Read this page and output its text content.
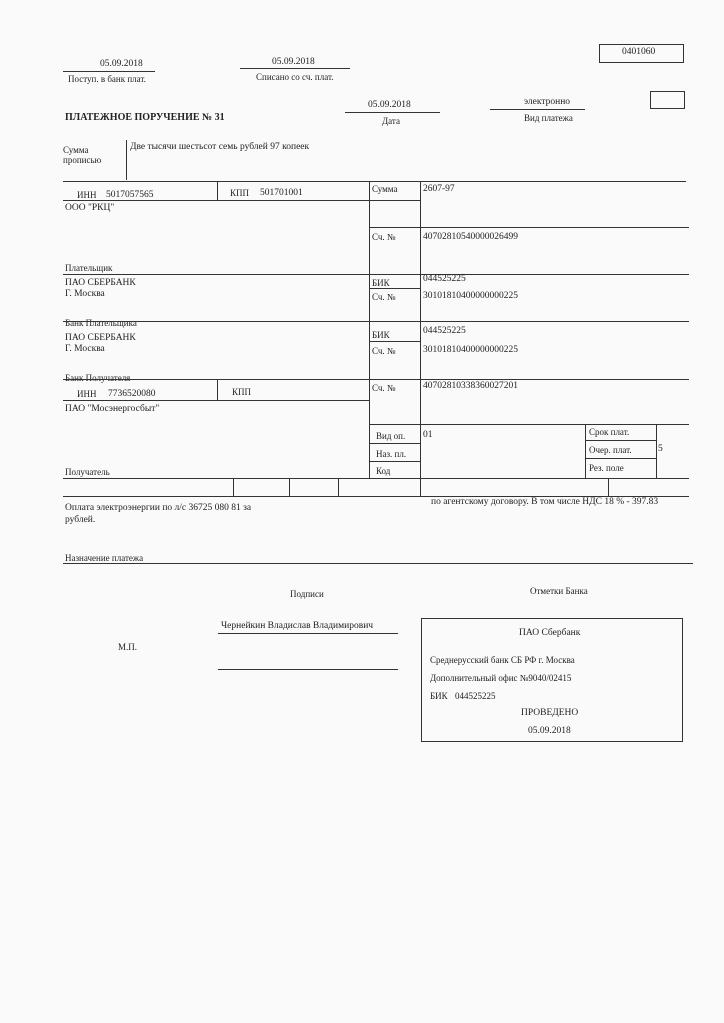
0401060
05.09.2018
Поступ. в банк плат.
05.09.2018
Списано со сч. плат.
ПЛАТЕЖНОЕ ПОРУЧЕНИЕ № 31
05.09.2018
Дата
электронно
Вид платежа
Сумма
прописью
Две тысячи шестьсот семь рублей 97 копеек
ИНН 5017057565	КПП 501701001
ООО "РКЦ"
Сумма	2607-97
Сч. №	40702810540000026499
Плательщик
ПАО СБЕРБАНК
Г. Москва
БИК	044525225
Сч. №	30101810400000000225
Банк Плательщика
ПАО СБЕРБАНК
Г. Москва
БИК	044525225
Сч. №	30101810400000000225
Банк Получателя
ИНН 7736520080	КПП
ПАО "Мосэнергосбыт"
Сч. №	40702810338360027201
Вид оп. 01
Наз. пл.
Код
Срок плат.
Очер. плат.	5
Рез. поле
Получатель
Оплата электроэнергии по л/с 36725 080 81 за
по агентскому договору. В том числе НДС 18 % - 397.83
рублей.
Назначение платежа
Подписи	Отметки Банка
Чернейкин Владислав Владимирович
М.П.
ПАО Сбербанк
Среднерусский банк СБ РФ г. Москва
Дополнительный офис №9040/02415
БИК 044525225
ПРОВЕДЕНО
05.09.2018
